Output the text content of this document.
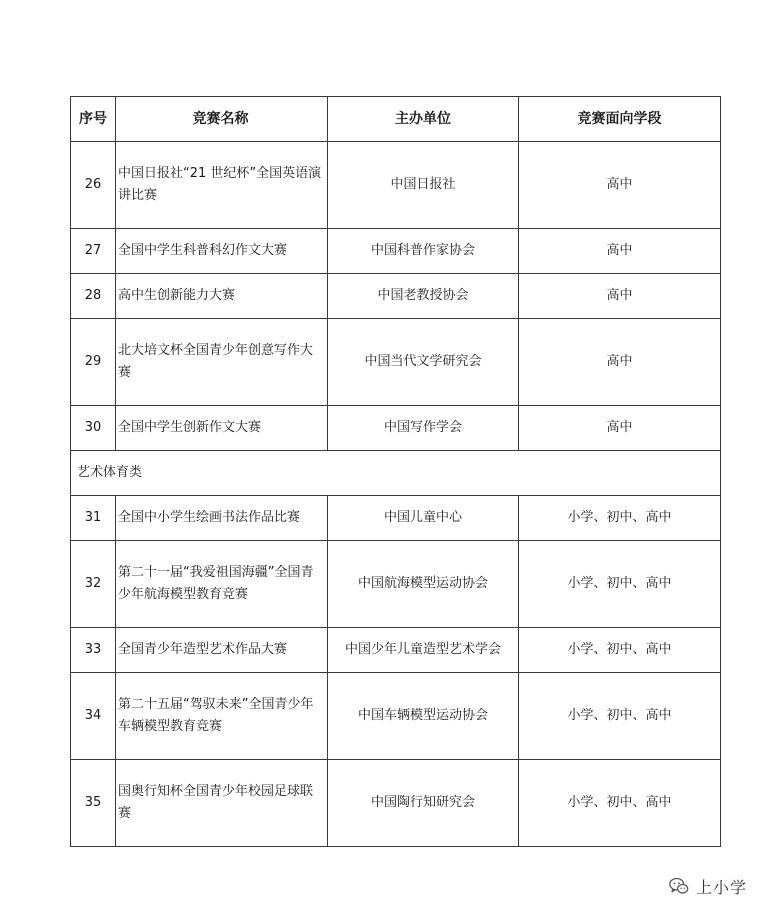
序号	竞赛名称	主办单位	竞赛面向学段
26	中国日报社“21 世纪杯”全国英语演讲比赛	中国日报社	高中
27	全国中学生科普科幻作文大赛	中国科普作家协会	高中
28	高中生创新能力大赛	中国老教授协会	高中
29	北大培文杯全国青少年创意写作大赛	中国当代文学研究会	高中
30	全国中学生创新作文大赛	中国写作学会	高中
艺术体育类			
31	全国中小学生绘画书法作品比赛	中国儿童中心	小学、初中、高中
32	第二十一届“我爱祖国海疆”全国青少年航海模型教育竞赛	中国航海模型运动协会	小学、初中、高中
33	全国青少年造型艺术作品大赛	中国少年儿童造型艺术学会	小学、初中、高中
34	第二十五届“驾驭未来”全国青少年车辆模型教育竞赛	中国车辆模型运动协会	小学、初中、高中
35	国奥行知杯全国青少年校园足球联赛	中国陶行知研究会	小学、初中、高中
上小学
